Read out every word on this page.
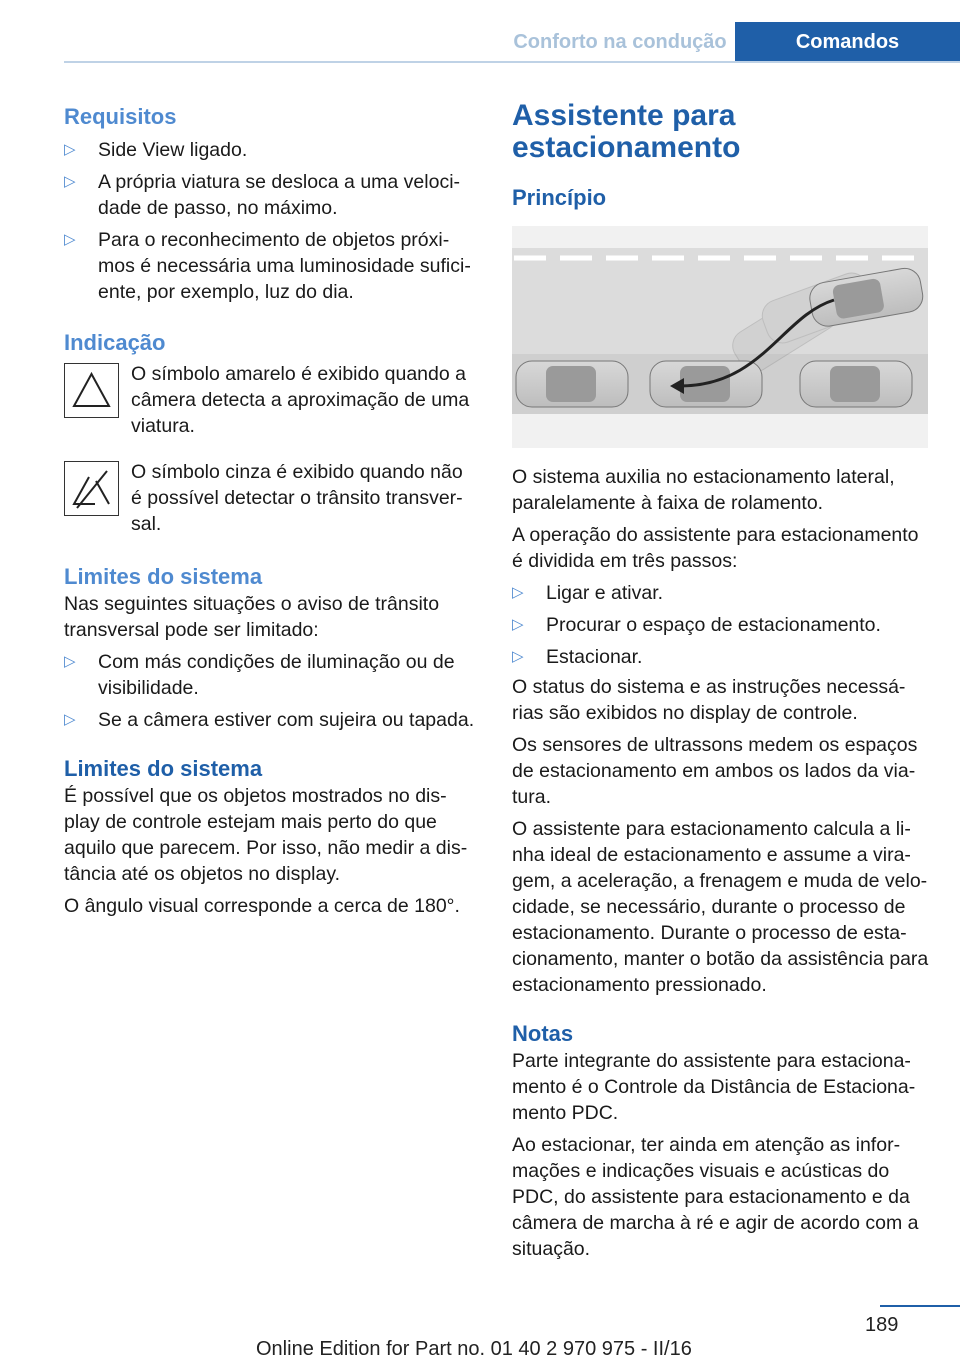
Conforto na condução	Comandos
Requisitos
▷ Side View ligado.
▷ A própria viatura se desloca a uma veloci‐dade de passo, no máximo.
▷ Para o reconhecimento de objetos próxi‐mos é necessária uma luminosidade sufici‐ente, por exemplo, luz do dia.
Indicação

O símbolo amarelo é exibido quando a câmera detecta a aproximação de uma viatura.

O símbolo cinza é exibido quando não é possível detectar o trânsito transver‐sal.

Limites do sistema

Nas seguintes situações o aviso de trânsito transversal pode ser limitado:

▷ Com más condições de iluminação ou de visibilidade.
▷ Se a câmera estiver com sujeira ou tapada.
Limites do sistema

É possível que os objetos mostrados no dis‐play de controle estejam mais perto do que aquilo que parecem. Por isso, não medir a dis‐tância até os objetos no display.

O ângulo visual corresponde a cerca de 180°.

Assistente para estacionamento
Princípio

O sistema auxilia no estacionamento lateral, paralelamente à faixa de rolamento.

A operação do assistente para estacionamento é dividida em três passos:

▷ Ligar e ativar.
▷ Procurar o espaço de estacionamento.
▷ Estacionar.

O status do sistema e as instruções necessá‐rias são exibidos no display de controle.

Os sensores de ultrassons medem os espaços de estacionamento em ambos os lados da via‐tura.

O assistente para estacionamento calcula a li‐nha ideal de estacionamento e assume a vira‐gem, a aceleração, a frenagem e muda de velo‐cidade, se necessário, durante o processo de estacionamento. Durante o processo de esta‐cionamento, manter o botão da assistência para estacionamento pressionado.

Notas

Parte integrante do assistente para estaciona‐mento é o Controle da Distância de Estaciona‐mento PDC.

Ao estacionar, ter ainda em atenção as infor‐mações e indicações visuais e acústicas do PDC, do assistente para estacionamento e da câmera de marcha à ré e agir de acordo com a situação.

189
Online Edition for Part no. 01 40 2 970 975 - II/16
